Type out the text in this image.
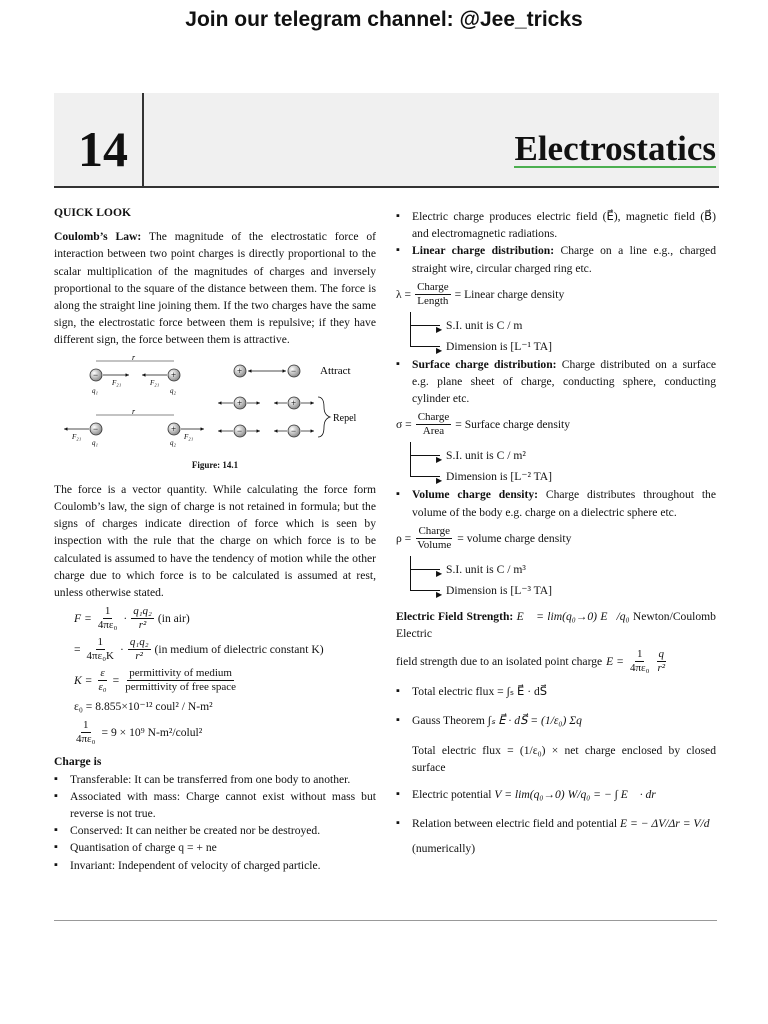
Join our telegram channel: @Jee_tricks
14	Electrostatics

QUICK LOOK

Coulomb’s Law: The magnitude of the electrostatic force of interaction between two point charges is directly proportional to the scalar multiplication of the magnitudes of charges and inversely proportional to the square of the distance between them. The force is along the straight line joining them. If the two charges have the same sign, the electrostatic force between them is repulsive; if they have different sign, the force between them is attractive.

r
−	+
F₂₁	F₂₁
q₁	q₂
r
−	+
F₂₁	F₂₁
q₁	q₂
+	− Attract
+	+
−	−
Repel
Figure: 14.1

The force is a vector quantity. While calculating the force form Coulomb’s law, the sign of charge is not retained in formula; but the signs of charges indicate direction of force which is seen by inspection with the rule that the charge on which force is to be calculated is assumed to have the tendency of motion while the other charge due to which force is to be calculated is assumed at rest, unless otherwise stated.

$F = \frac{1}{\text{4πε₀}} \cdot \frac{\text{q₁q₂}}{\text{r²}} (in$ air)
= $\frac{1}{\text{4πε₀K}} \cdot \frac{\text{q₁q₂}}{\text{r²}} (in$ medium of dielectric constant K)
$K = \frac{\varepsilon}{\text{ε₀}} = \frac{\text{permittivity of medium}}{\text{permittivity of free space}}$
ε₀ = 8.855×10⁻¹² coul² / N-m²
$\frac{1}{\text{4πε₀}} = 9 \times 10^9$ N-m²/colul²

Charge is

▪ Transferable: It can be transferred from one body to another.
▪ Associated with mass: Charge cannot exist without mass but reverse is not true.
▪ Conserved: It can neither be created nor be destroyed.
▪ Quantisation of charge q = + ne
▪ Invariant: Independent of velocity of charged particle.
▪ Electric charge produces electric field (E⃗), magnetic field (B⃗) and electromagnetic radiations.
▪ Linear charge distribution: Charge on a line e.g., charged straight wire, circular charged ring etc.
$\lambda = \frac{\text{Charge}}{\text{Length}}$ = Linear charge density
▶
▶
S.I. unit is C / m
Dimension is [L⁻¹ TA]
▪ Surface charge distribution: Charge distributed on a surface e.g. plane sheet of charge, conducting sphere, conducting cylinder etc.
$\sigma = \frac{\text{Charge}}{\text{Area}}$ = Surface charge density
▶
▶
S.I. unit is C / m²
Dimension is [L⁻² TA]
▪ Volume charge density: Charge distributes throughout the volume of the body e.g. charge on a dielectric sphere etc.
$\rho = \frac{\text{Charge}}{\text{Volume}}$ = volume charge density
▶
▶
S.I. unit is C / m³
Dimension is [L⁻³ TA]

Electric Field Strength: E⃗ = lim(q₀→0) E⃗/q₀ Newton/Coulomb Electric

field strength due to an isolated point charge $E = \frac{1}{\text{4πε₀}} \frac{q}{\text{r²}}$
▪ Total electric flux = ∫ₛ E⃗ · dS⃗
▪ Gauss Theorem ∫ₛ E⃗ · dS⃗ = (1/ε₀) Σq

Total electric flux = (1/ε₀) × net charge enclosed by closed surface

▪ Electric potential V = lim(q₀→0) W/q₀ = − ∫ E⃗ · dr⃗
▪ Relation between electric field and potential E = − ΔV/Δr = V/d

(numerically)
